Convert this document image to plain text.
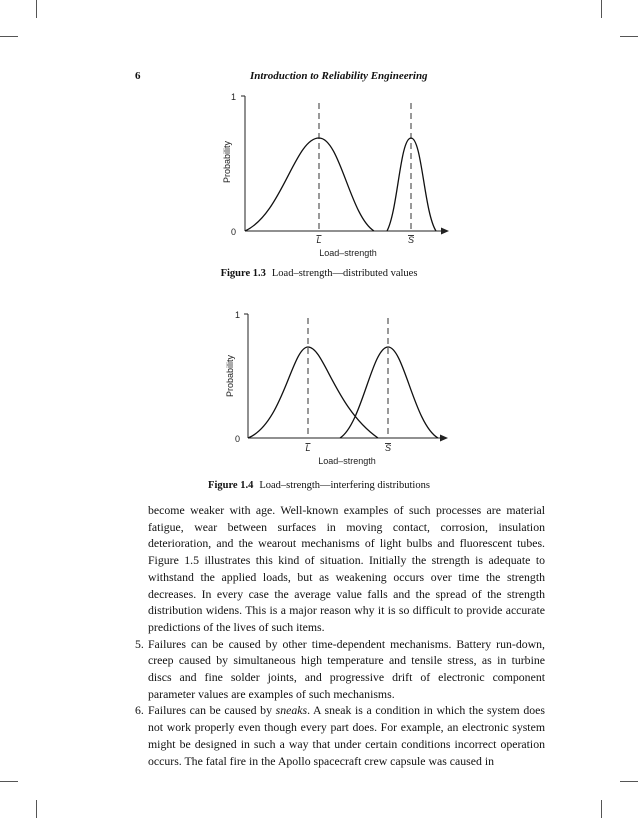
6	Introduction to Reliability Engineering
1
0
Probability
L	S
Load–strength
Figure 1.3 Load–strength—distributed values
1
0
Probability
L	S
Load–strength
Figure 1.4 Load–strength—interfering distributions

become weaker with age. Well-known examples of such processes are material fatigue, wear between surfaces in moving contact, corrosion, insulation deterioration, and the wearout mechanisms of light bulbs and fluorescent tubes. Figure 1.5 illustrates this kind of situation. Initially the strength is adequate to withstand the applied loads, but as weakening occurs over time the strength decreases. In every case the average value falls and the spread of the strength distribution widens. This is a major reason why it is so difficult to provide accurate predictions of the lives of such items.

5. Failures can be caused by other time-dependent mechanisms. Battery run-down, creep caused by simultaneous high temperature and tensile stress, as in turbine discs and fine solder joints, and progressive drift of electronic component parameter values are examples of such mechanisms.
6. Failures can be caused by sneaks. A sneak is a condition in which the system does not work properly even though every part does. For example, an electronic system might be designed in such a way that under certain conditions incorrect operation occurs. The fatal fire in the Apollo spacecraft crew capsule was caused in
